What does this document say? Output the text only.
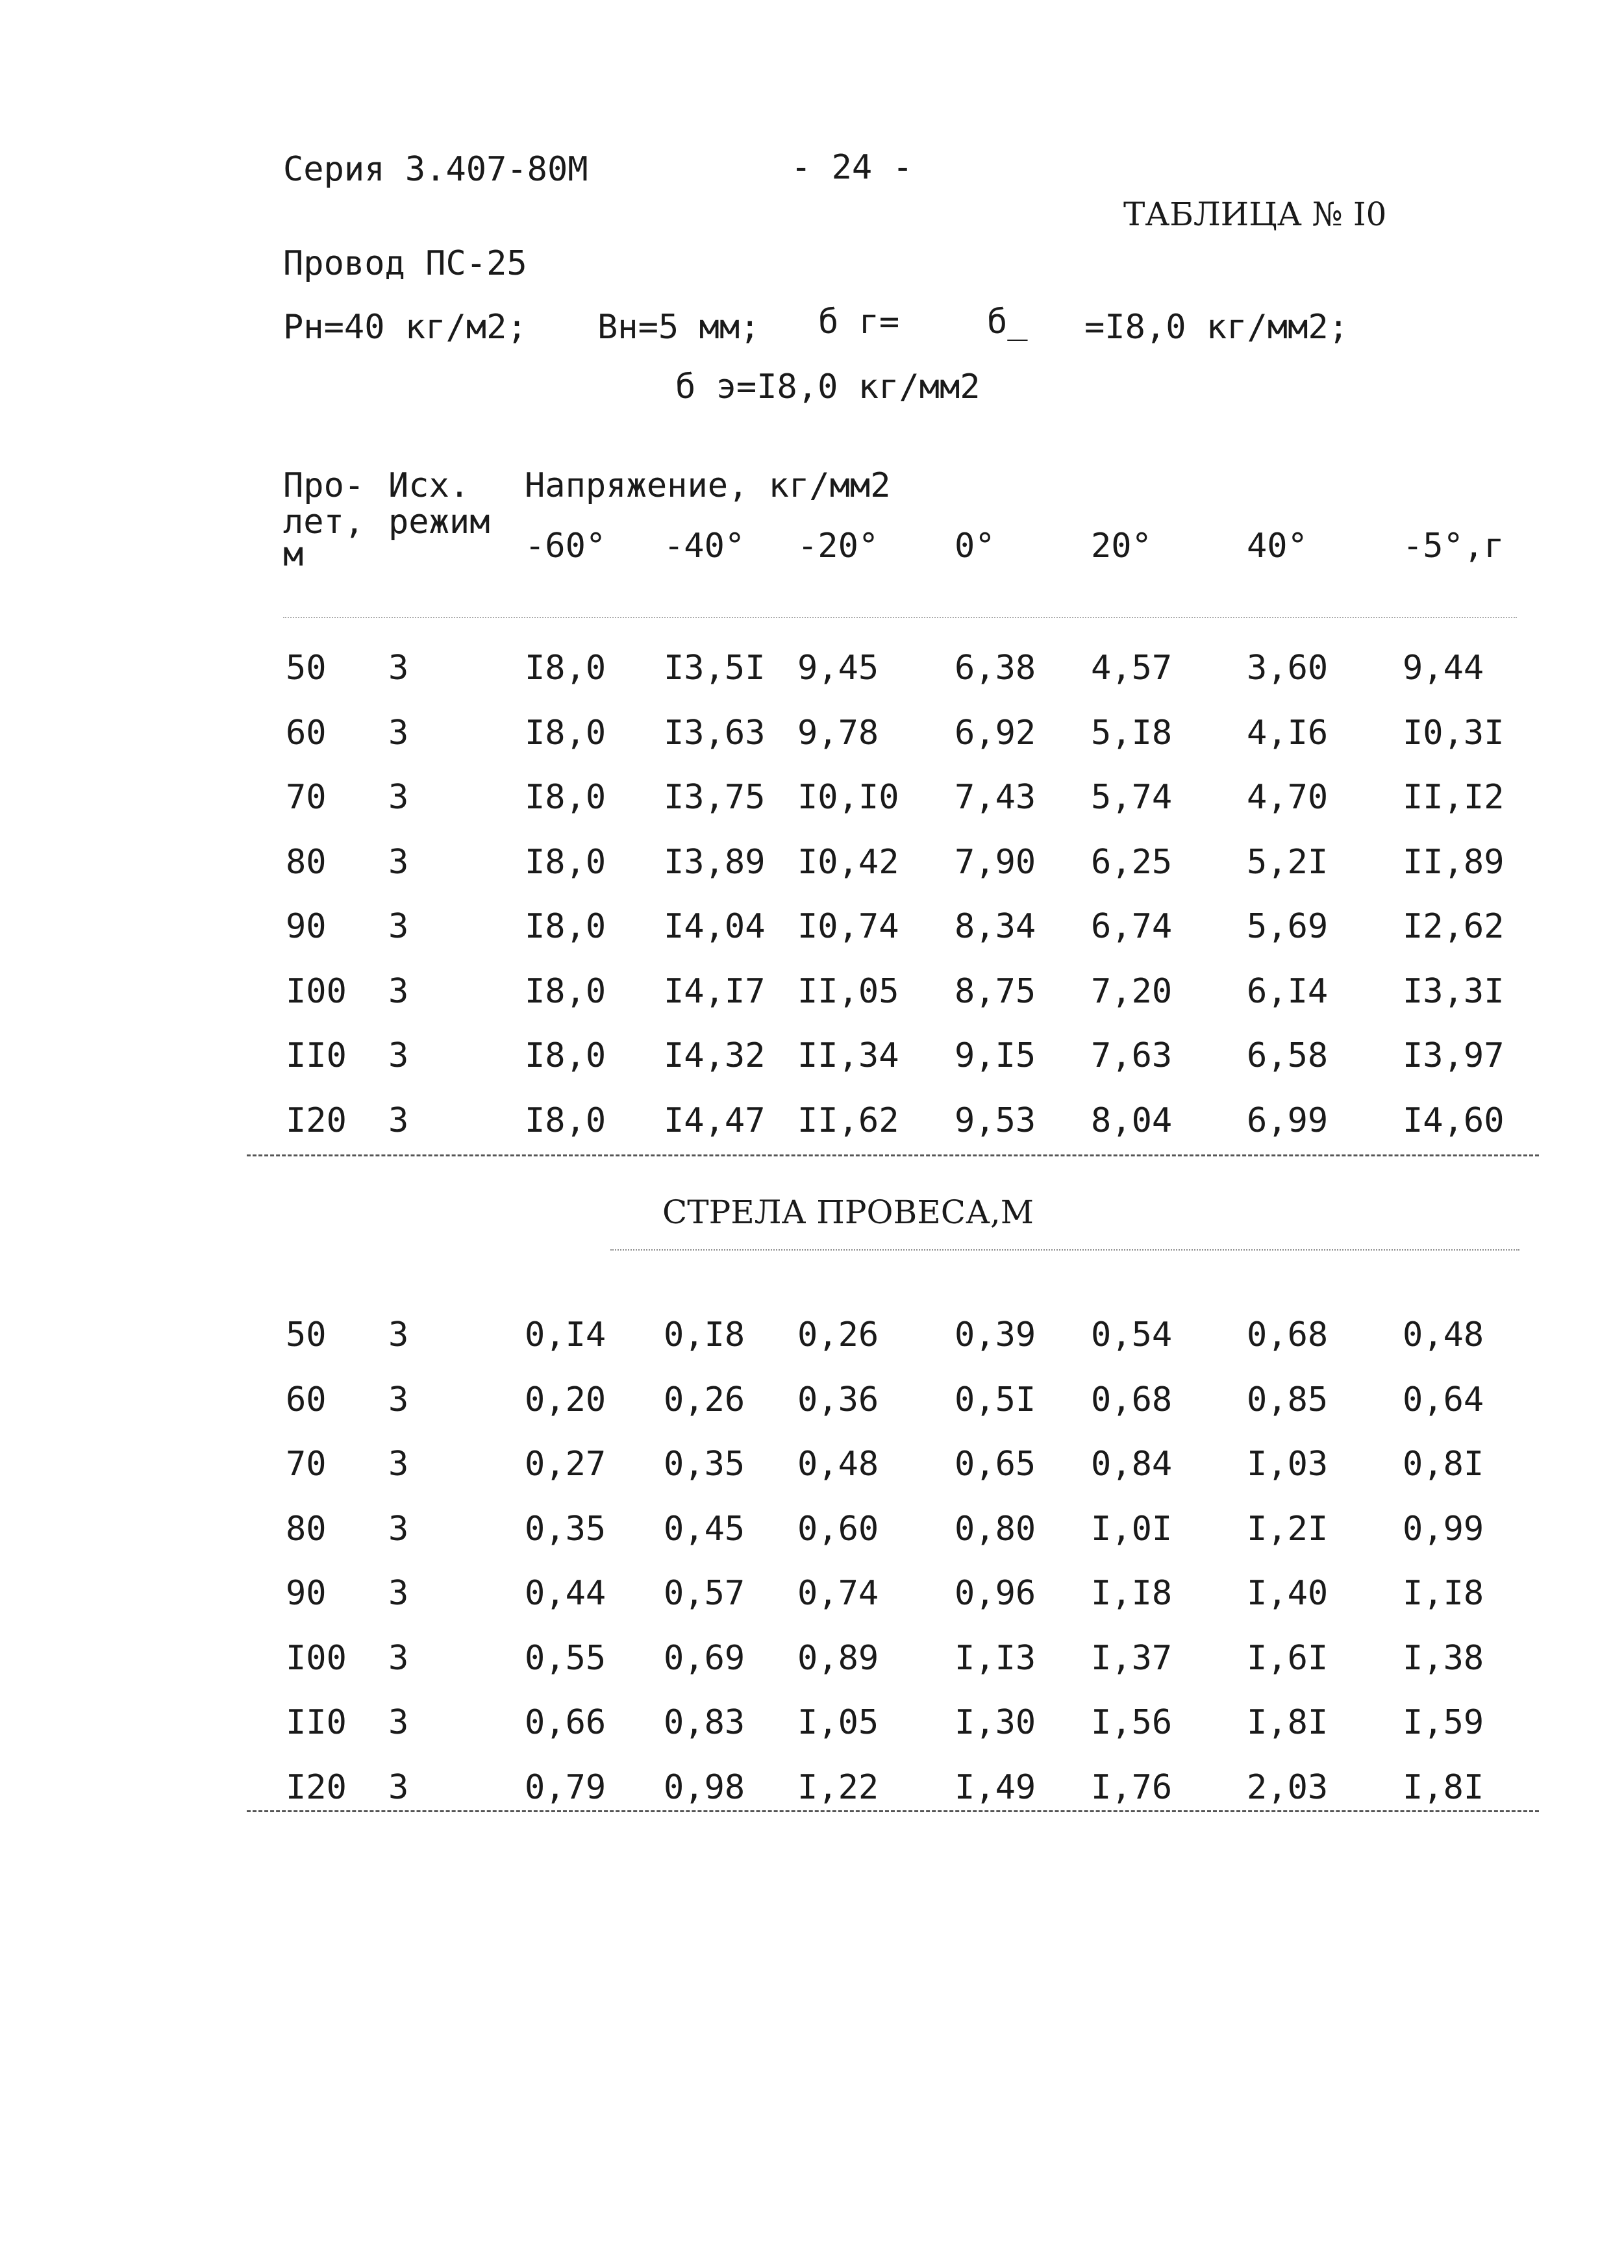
Серия 3.407-80М	- 24 -
ТАБЛИЦА № I0
Провод ПС-25
Рн=40 кг/м2; Вн=5 мм; б г=	б_ =I8,0 кг/мм2;
б э=I8,0 кг/мм2
Про-
лет,
м
Исх.
режим
Напряжение, кг/мм2
-60° -40° -20° 0°	20°	40°	-5°,г
50 3	I8,0 I3,5I 9,45 6,38 4,57 3,60 9,44
60 3	I8,0 I3,63 9,78 6,92 5,I8 4,I6 I0,3I
70 3	I8,0 I3,75 I0,I0 7,43 5,74 4,70 II,I2
80 3	I8,0 I3,89 I0,42 7,90 6,25 5,2I II,89
90 3	I8,0 I4,04 I0,74 8,34 6,74 5,69 I2,62
I00 3	I8,0 I4,I7 II,05 8,75 7,20 6,I4 I3,3I
II0 3	I8,0 I4,32 II,34 9,I5 7,63 6,58 I3,97
I20 3	I8,0 I4,47 II,62 9,53 8,04 6,99 I4,60
СТРЕЛА ПРОВЕСА,М
50 3	0,I4 0,I8 0,26 0,39 0,54 0,68 0,48
60 3	0,20 0,26 0,36 0,5I 0,68 0,85 0,64
70 3	0,27 0,35 0,48 0,65 0,84 I,03 0,8I
80 3	0,35 0,45 0,60 0,80 I,0I I,2I 0,99
90 3	0,44 0,57 0,74 0,96 I,I8 I,40 I,I8
I00 3	0,55 0,69 0,89 I,I3 I,37 I,6I I,38
II0 3	0,66 0,83 I,05 I,30 I,56 I,8I I,59
I20 3	0,79 0,98 I,22 I,49 I,76 2,03 I,8I
